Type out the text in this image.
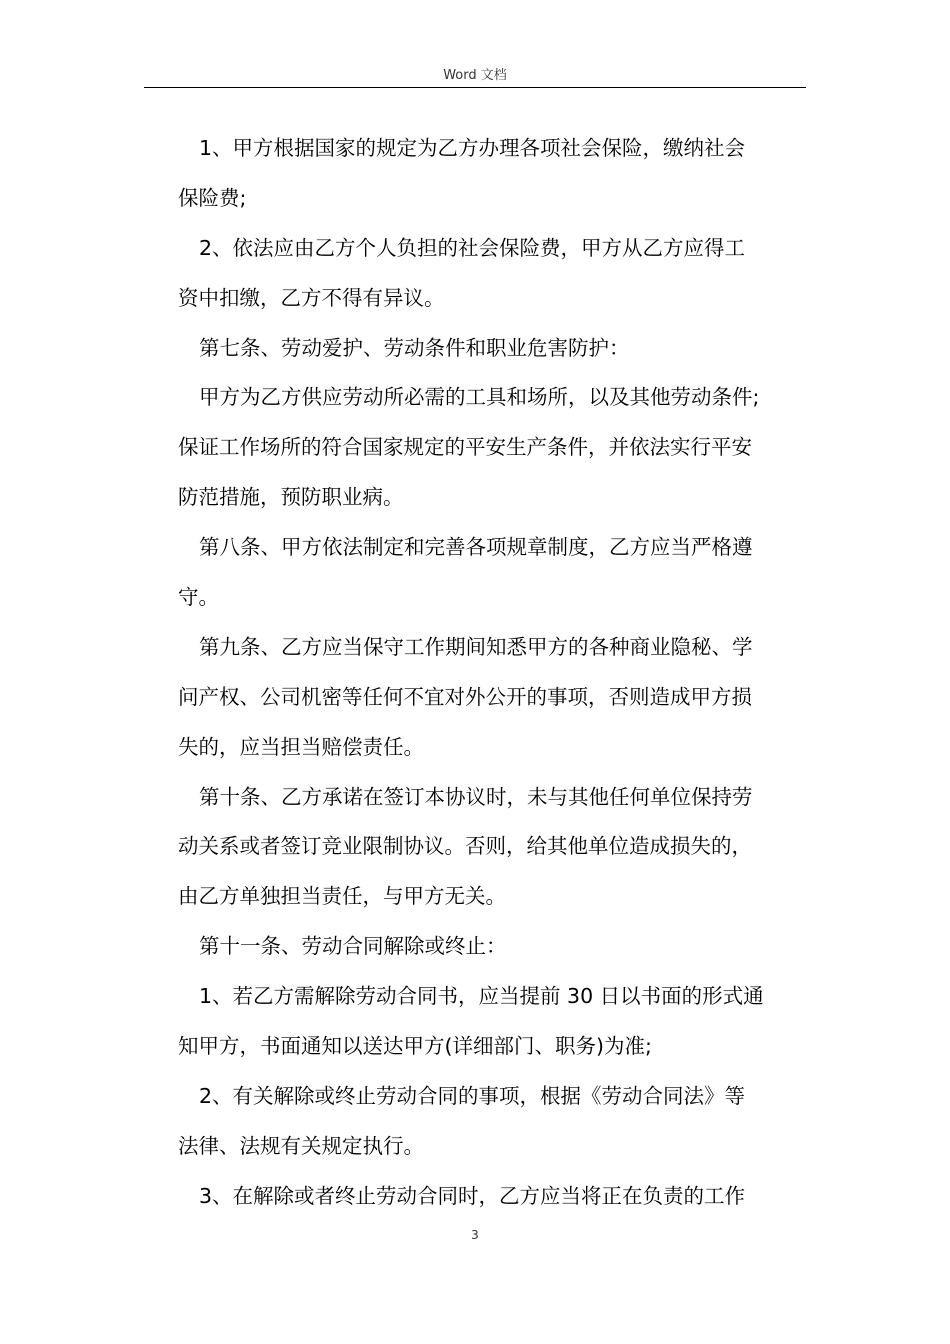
Word 文档
1、甲方根据国家的规定为乙方办理各项社会保险，缴纳社会
保险费;
2、依法应由乙方个人负担的社会保险费，甲方从乙方应得工
资中扣缴，乙方不得有异议。
第七条、劳动爱护、劳动条件和职业危害防护：
甲方为乙方供应劳动所必需的工具和场所，以及其他劳动条件;
保证工作场所的符合国家规定的平安生产条件，并依法实行平安
防范措施，预防职业病。
第八条、甲方依法制定和完善各项规章制度，乙方应当严格遵
守。
第九条、乙方应当保守工作期间知悉甲方的各种商业隐秘、学
问产权、公司机密等任何不宜对外公开的事项，否则造成甲方损
失的，应当担当赔偿责任。
第十条、乙方承诺在签订本协议时，未与其他任何单位保持劳
动关系或者签订竞业限制协议。否则，给其他单位造成损失的，
由乙方单独担当责任，与甲方无关。
第十一条、劳动合同解除或终止：
1、若乙方需解除劳动合同书，应当提前 30 日以书面的形式通
知甲方，书面通知以送达甲方(详细部门、职务)为准;
2、有关解除或终止劳动合同的事项，根据《劳动合同法》等
法律、法规有关规定执行。
3、在解除或者终止劳动合同时，乙方应当将正在负责的工作
3
